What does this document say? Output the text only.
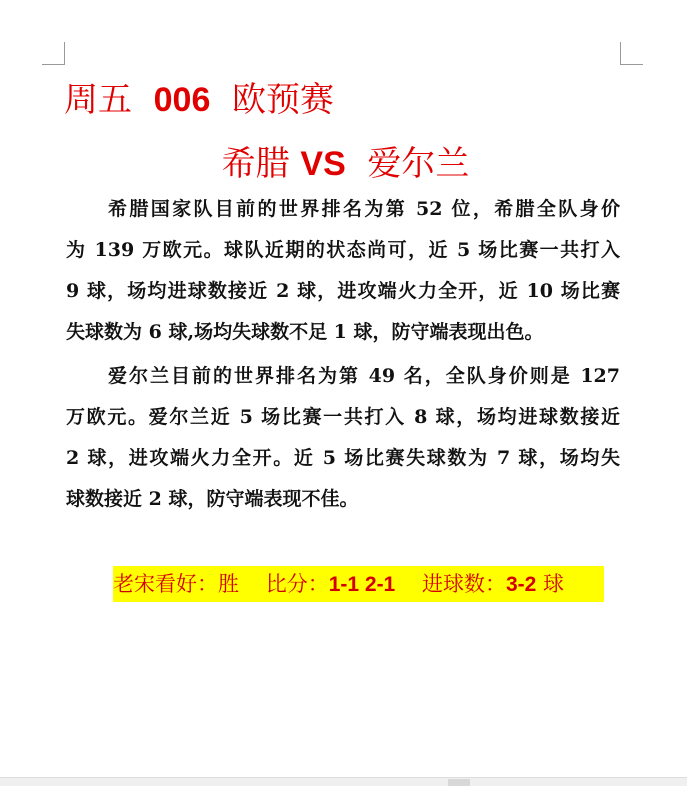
周五 006 欧预赛
希腊 VS 爱尔兰
希腊国家队目前的世界排名为第 52 位，希腊全队身价
为 139 万欧元。球队近期的状态尚可，近 5 场比赛一共打入
9 球，场均进球数接近 2 球，进攻端火力全开，近 10 场比赛
失球数为 6 球,场均失球数不足 1 球，防守端表现出色。
爱尔兰目前的世界排名为第 49 名，全队身价则是 127
万欧元。爱尔兰近 5 场比赛一共打入 8 球，场均进球数接近
2 球，进攻端火力全开。近 5 场比赛失球数为 7 球，场均失
球数接近 2 球，防守端表现不佳。
老宋看好：胜 比分：1-1 2-1 进球数：3-2 球
